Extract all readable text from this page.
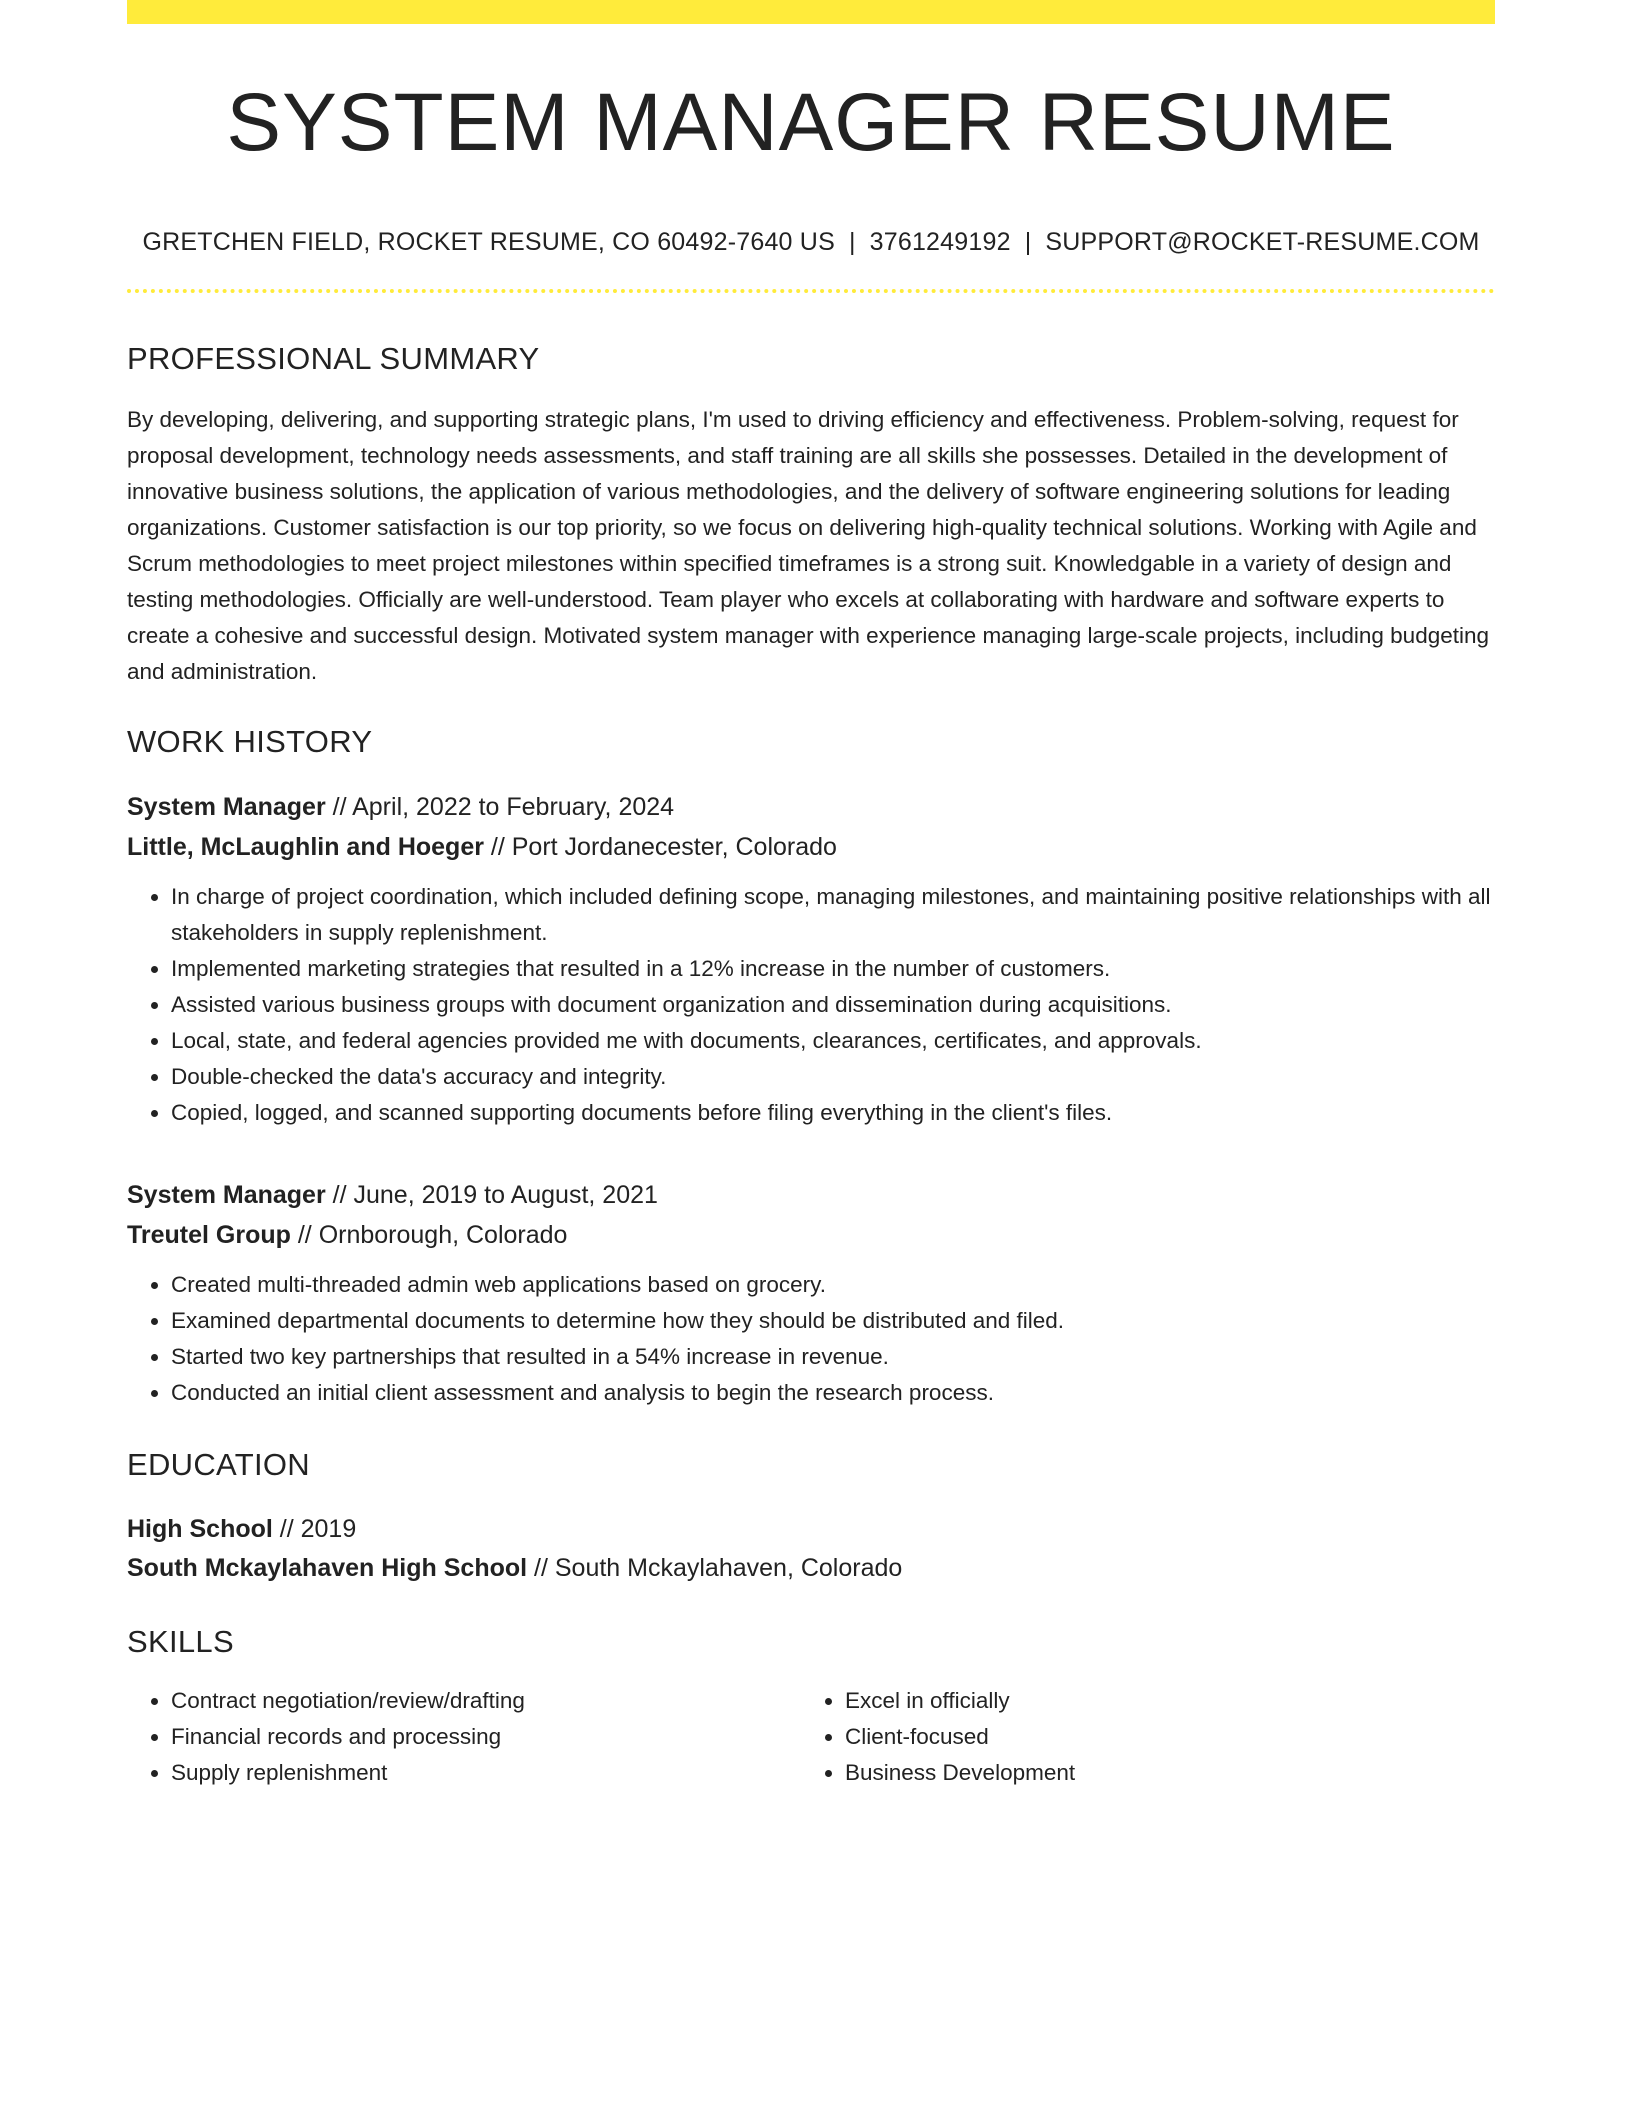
SYSTEM MANAGER RESUME
GRETCHEN FIELD, ROCKET RESUME, CO 60492-7640 US | 3761249192 | SUPPORT@ROCKET-RESUME.COM
PROFESSIONAL SUMMARY

By developing, delivering, and supporting strategic plans, I'm used to driving efficiency and effectiveness. Problem-solving, request for proposal development, technology needs assessments, and staff training are all skills she possesses. Detailed in the development of innovative business solutions, the application of various methodologies, and the delivery of software engineering solutions for leading organizations. Customer satisfaction is our top priority, so we focus on delivering high-quality technical solutions. Working with Agile and Scrum methodologies to meet project milestones within specified timeframes is a strong suit. Knowledgable in a variety of design and testing methodologies. Officially are well-understood. Team player who excels at collaborating with hardware and software experts to create a cohesive and successful design. Motivated system manager with experience managing large-scale projects, including budgeting and administration.

WORK HISTORY
System Manager // April, 2022 to February, 2024
Little, McLaughlin and Hoeger // Port Jordanecester, Colorado
• In charge of project coordination, which included defining scope, managing milestones, and maintaining positive relationships with all stakeholders in supply replenishment.
• Implemented marketing strategies that resulted in a 12% increase in the number of customers.
• Assisted various business groups with document organization and dissemination during acquisitions.
• Local, state, and federal agencies provided me with documents, clearances, certificates, and approvals.
• Double-checked the data's accuracy and integrity.
• Copied, logged, and scanned supporting documents before filing everything in the client's files.
System Manager // June, 2019 to August, 2021
Treutel Group // Ornborough, Colorado
• Created multi-threaded admin web applications based on grocery.
• Examined departmental documents to determine how they should be distributed and filed.
• Started two key partnerships that resulted in a 54% increase in revenue.
• Conducted an initial client assessment and analysis to begin the research process.
EDUCATION
High School // 2019
South Mckaylahaven High School // South Mckaylahaven, Colorado
SKILLS
• Contract negotiation/review/drafting
• Financial records and processing
• Supply replenishment
• Excel in officially
• Client-focused
• Business Development
